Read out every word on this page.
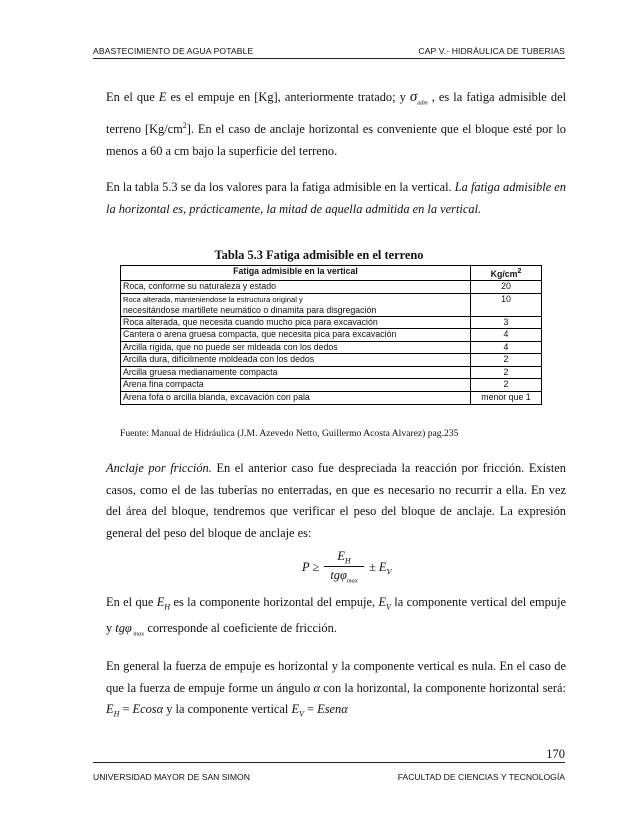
ABASTECIMIENTO DE AGUA POTABLE	CAP V.- HIDRÁULICA DE TUBERIAS

En el que E es el empuje en [Kg], anteriormente tratado; y $\sigma_{adm}$ , es la fatiga admisible del terreno $[Kg/cm^2]$. En el caso de anclaje horizontal es conveniente que el bloque esté por lo menos a 60 a cm bajo la superficie del terreno.

En la tabla 5.3 se da los valores para la fatiga admisible en la vertical. La fatiga admisible en la horizontal es, prácticamente, la mitad de aquella admitida en la vertical.

Tabla 5.3 Fatiga admisible en el terreno
Fatiga admisible en la vertical	$Kg/cm^2$
Roca, conforme su naturaleza y estado	20
Roca alterada, manteniendose la estructura original y
necesitándose martillete neumático o dinamita para disgregación	10
Roca alterada, que necesita cuando mucho pica para excavación	3
Cantera o arena gruesa compacta, que necesita pica para excavación	4
Arcilla rígida, que no puede ser mldeada con los dedos	4
Arcilla dura, difícilmente moldeada con los dedos	2
Arcilla gruesa medianamente compacta	2
Arena fina compacta	2
Arena fofa o arcilla blanda, excavación con pala	menor que 1
Fuente: Manual de Hidráulica (J.M. Azevedo Netto, Guillermo Acosta Alvarez) pag.235

Anclaje por fricción. En el anterior caso fue despreciada la reacción por fricción. Existen casos, como el de las tuberías no enterradas, en que es necesario no recurrir a ella. En vez del área del bloque, tendremos que verificar el peso del bloque de anclaje. La expresión general del peso del bloque de anclaje es:

P ≥
$E_H$
tgφ$_{max}$
± $E_V$

En el que $E_H$ es la componente horizontal del empuje, $E_V$ la componente vertical del empuje y tgφ $_{max}$ corresponde al coeficiente de fricción.

En general la fuerza de empuje es horizontal y la componente vertical es nula. En el caso de que la fuerza de empuje forme un ángulo α con la horizontal, la componente horizontal será: $E_H = Ecos\alpha$ y la componente vertical $E_V$ = Esenα

170
UNIVERSIDAD MAYOR DE SAN SIMON	FACULTAD DE CIENCIAS Y TECNOLOGÍA
